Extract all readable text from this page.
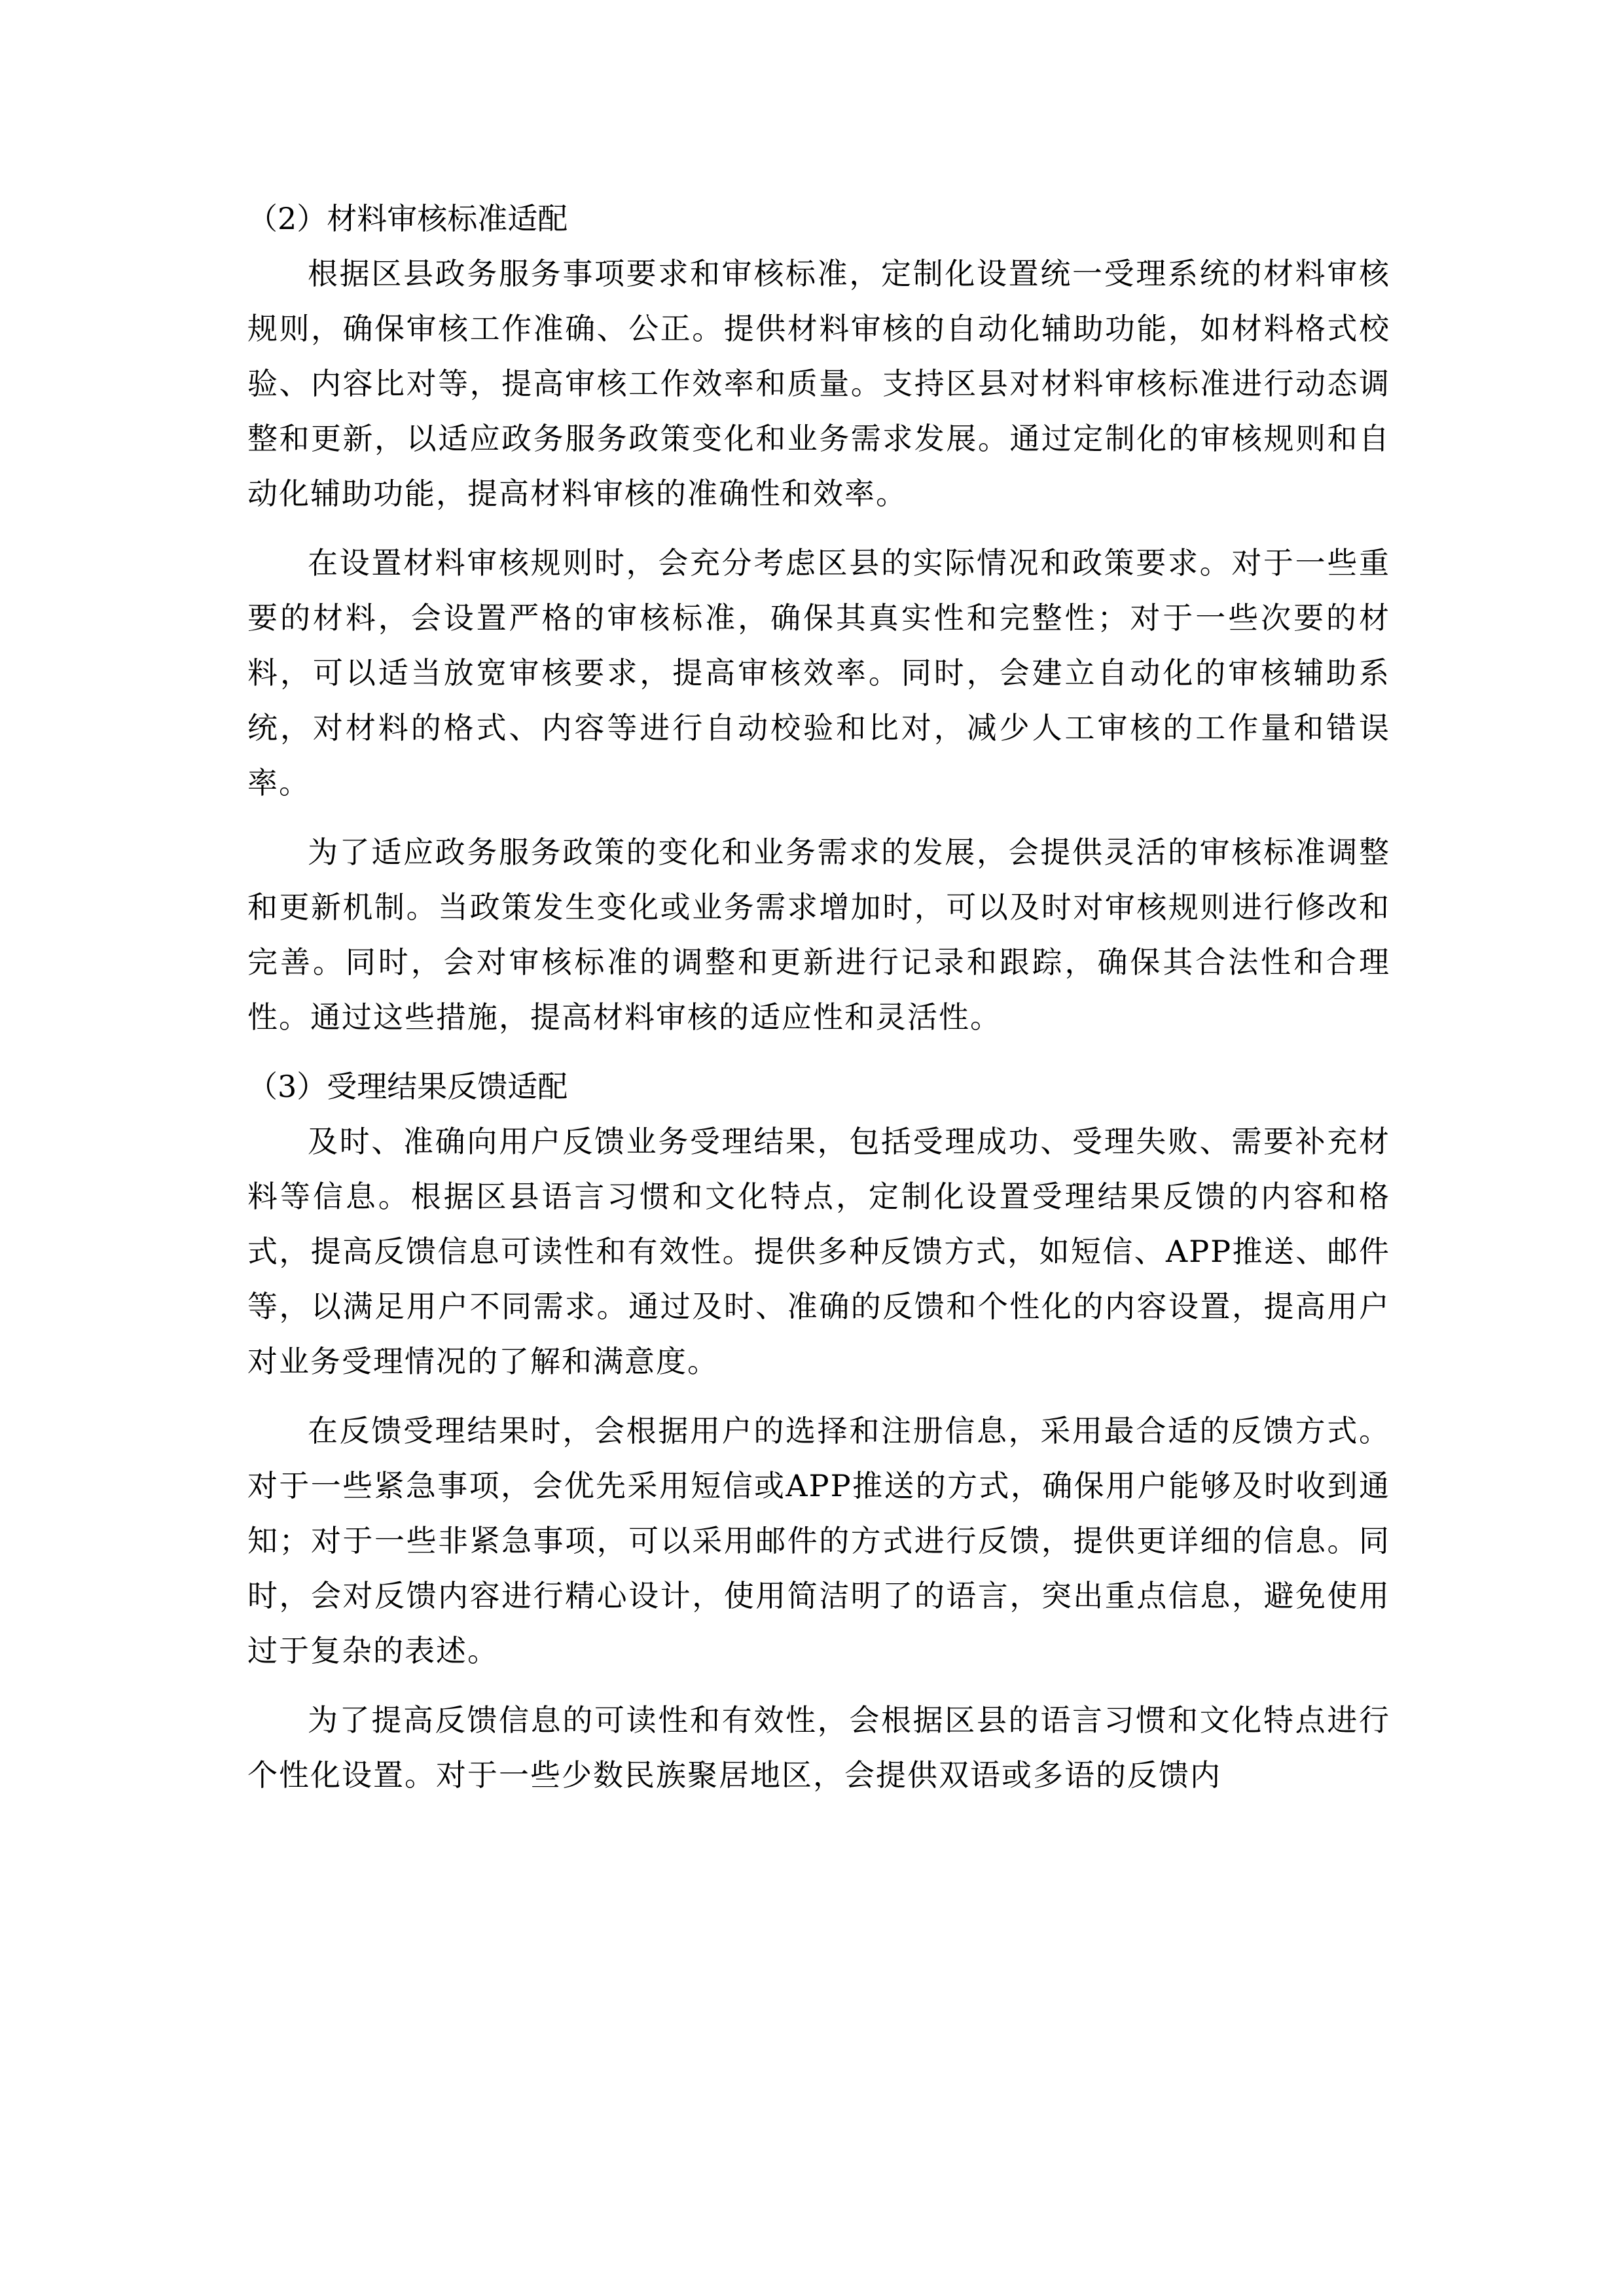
（2）材料审核标准适配

根据区县政务服务事项要求和审核标准，定制化设置统一受理系统的材料审核规则，确保审核工作准确、公正。提供材料审核的自动化辅助功能，如材料格式校验、内容比对等，提高审核工作效率和质量。支持区县对材料审核标准进行动态调整和更新，以适应政务服务政策变化和业务需求发展。通过定制化的审核规则和自动化辅助功能，提高材料审核的准确性和效率。

在设置材料审核规则时，会充分考虑区县的实际情况和政策要求。对于一些重要的材料，会设置严格的审核标准，确保其真实性和完整性；对于一些次要的材料，可以适当放宽审核要求，提高审核效率。同时，会建立自动化的审核辅助系统，对材料的格式、内容等进行自动校验和比对，减少人工审核的工作量和错误率。

为了适应政务服务政策的变化和业务需求的发展，会提供灵活的审核标准调整和更新机制。当政策发生变化或业务需求增加时，可以及时对审核规则进行修改和完善。同时，会对审核标准的调整和更新进行记录和跟踪，确保其合法性和合理性。通过这些措施，提高材料审核的适应性和灵活性。

（3）受理结果反馈适配

及时、准确向用户反馈业务受理结果，包括受理成功、受理失败、需要补充材料等信息。根据区县语言习惯和文化特点，定制化设置受理结果反馈的内容和格式，提高反馈信息可读性和有效性。提供多种反馈方式，如短信、APP推送、邮件等，以满足用户不同需求。通过及时、准确的反馈和个性化的内容设置，提高用户对业务受理情况的了解和满意度。

在反馈受理结果时，会根据用户的选择和注册信息，采用最合适的反馈方式。对于一些紧急事项，会优先采用短信或APP推送的方式，确保用户能够及时收到通知；对于一些非紧急事项，可以采用邮件的方式进行反馈，提供更详细的信息。同时，会对反馈内容进行精心设计，使用简洁明了的语言，突出重点信息，避免使用过于复杂的表述。

为了提高反馈信息的可读性和有效性，会根据区县的语言习惯和文化特点进行个性化设置。对于一些少数民族聚居地区，会提供双语或多语的反馈内
